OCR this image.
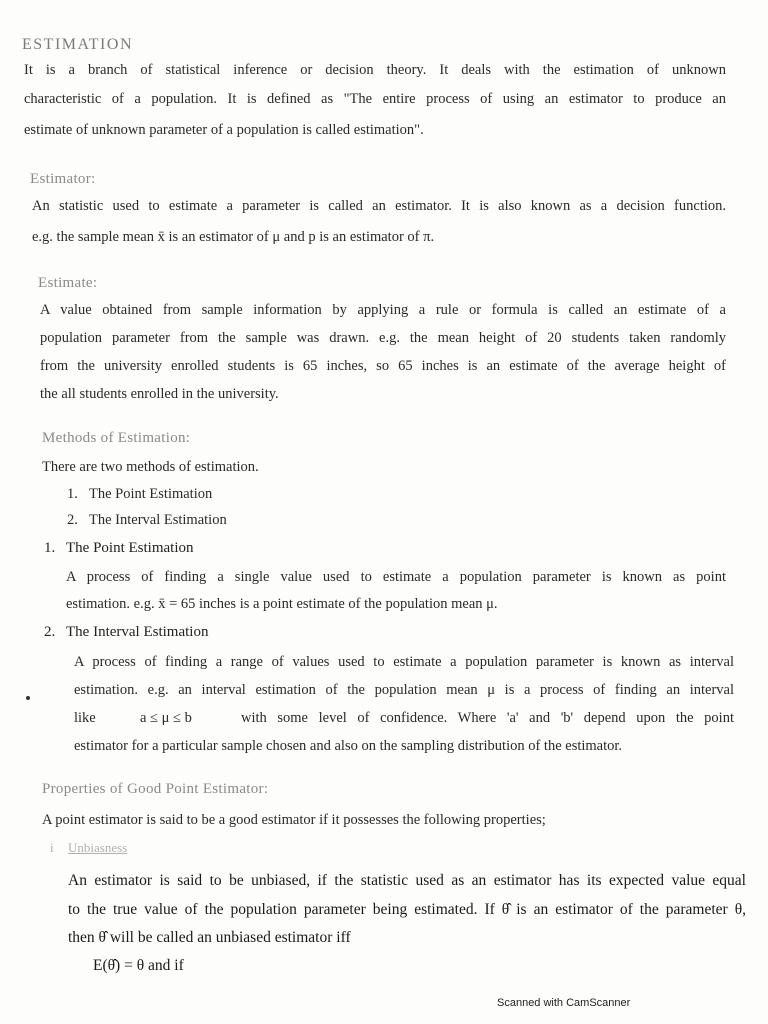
ESTIMATION
It is a branch of statistical inference or decision theory. It deals with the estimation of unknown
characteristic of a population. It is defined as "The entire process of using an estimator to produce an
estimate of unknown parameter of a population is called estimation".
Estimator:
An statistic used to estimate a parameter is called an estimator. It is also known as a decision function.
e.g. the sample mean x̄ is an estimator of μ and p is an estimator of π.
Estimate:
A value obtained from sample information by applying a rule or formula is called an estimate of a
population parameter from the sample was drawn. e.g. the mean height of 20 students taken randomly
from the university enrolled students is 65 inches, so 65 inches is an estimate of the average height of
the all students enrolled in the university.
Methods of Estimation:
There are two methods of estimation.
1. The Point Estimation
2. The Interval Estimation
1. The Point Estimation
A process of finding a single value used to estimate a population parameter is known as point
estimation. e.g. x̄ = 65 inches is a point estimate of the population mean μ.
2. The Interval Estimation
A process of finding a range of values used to estimate a population parameter is known as interval
estimation. e.g. an interval estimation of the population mean μ is a process of finding an interval
like	a ≤ μ ≤ b	with some level of confidence. Where 'a' and 'b' depend upon the point
estimator for a particular sample chosen and also on the sampling distribution of the estimator.
Properties of Good Point Estimator:
A point estimator is said to be a good estimator if it possesses the following properties;
i Unbiasness
An estimator is said to be unbiased, if the statistic used as an estimator has its expected value equal
to the true value of the population parameter being estimated. If θ̂ is an estimator of the parameter θ,
then θ̂ will be called an unbiased estimator iff
E(θ̂) = θ and if
Scanned with CamScanner
